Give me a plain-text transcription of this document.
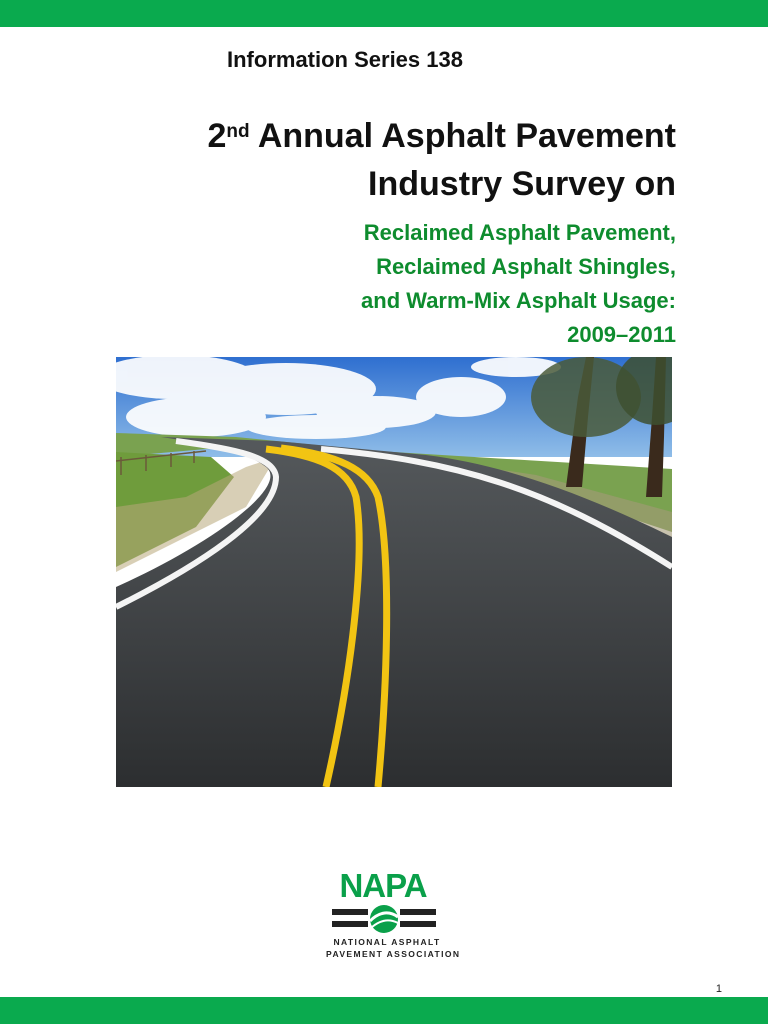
Information Series 138
2nd Annual Asphalt Pavement
Industry Survey on
Reclaimed Asphalt Pavement,
Reclaimed Asphalt Shingles,
and Warm-Mix Asphalt Usage:
2009–2011
NAPA
NATIONAL ASPHALT
PAVEMENT ASSOCIATION
1
